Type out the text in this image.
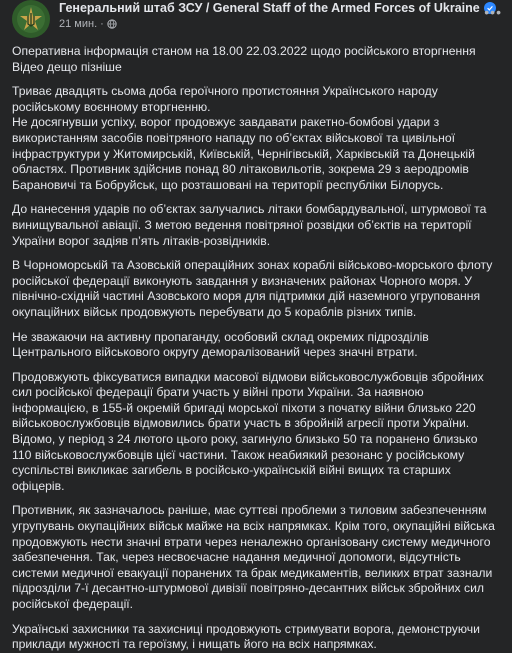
Генеральний штаб ЗСУ / General Staff of the Armed Forces of Ukraine
21 мин. ·
•••

Оперативна інформація станом на 18.00 22.03.2022 щодо російського вторгнення

Відео дещо пізніше

Триває двадцять сьома доба героїчного протистояння Українського народу російському воєнному вторгненню.

Не досягнувши успіху, ворог продовжує завдавати ракетно-бомбові удари з використанням засобів повітряного нападу по об’єктах військової та цивільної інфраструктури у Житомирській, Київській, Чернігівській, Харківській та Донецькій областях. Противник здійснив понад 80 літаковильотів, зокрема 29 з аеродромів Барановичі та Бобруйськ, що розташовані на території республіки Білорусь.

До нанесення ударів по об’єктах залучались літаки бомбардувальної, штурмової та винищувальної авіації. З метою ведення повітряної розвідки об’єктів на території України ворог задіяв п’ять літаків-розвідників.

В Чорноморській та Азовській операційних зонах кораблі військово-морського флоту російської федерації виконують завдання у визначених районах Чорного моря. У північно-східній частині Азовського моря для підтримки дій наземного угруповання окупаційних військ продовжують перебувати до 5 кораблів різних типів.

Не зважаючи на активну пропаганду, особовий склад окремих підрозділів Центрального військового округу деморалізований через значні втрати.

Продовжують фіксуватися випадки масової відмови військовослужбовців збройних сил російської федерації брати участь у війні проти України. За наявною інформацією, в 155-й окремій бригаді морської піхоти з початку війни близько 220 військовослужбовців відмовились брати участь в збройній агресії проти України. Вiдомо, у період з 24 лютого цього року, загинуло близько 50 та поранено близько 110 військовослужбовців цієї частини. Також неабиякий резонанс у російському суспільстві викликає загибель в російсько-українській війні вищих та старших офіцерів.

Противник, як зазначалось раніше, має суттєві проблеми з тиловим забезпеченням угрупувань окупаційних військ майже на всіх напрямках. Крім того, окупаційні війська продовжують нести значні втрати через неналежно організовану систему медичного забезпечення. Так, через несвоєчасне надання медичної допомоги, відсутність системи медичної евакуації поранених та брак медикаментів, великих втрат зазнали підрозділи 7-ї десантно-штурмової дивізії повітряно-десантних військ збройних сил російської федерації.

Українські захисники та захисниці продовжують стримувати ворога, демонструючи приклади мужності та героїзму, і нищать його на всіх напрямках.
